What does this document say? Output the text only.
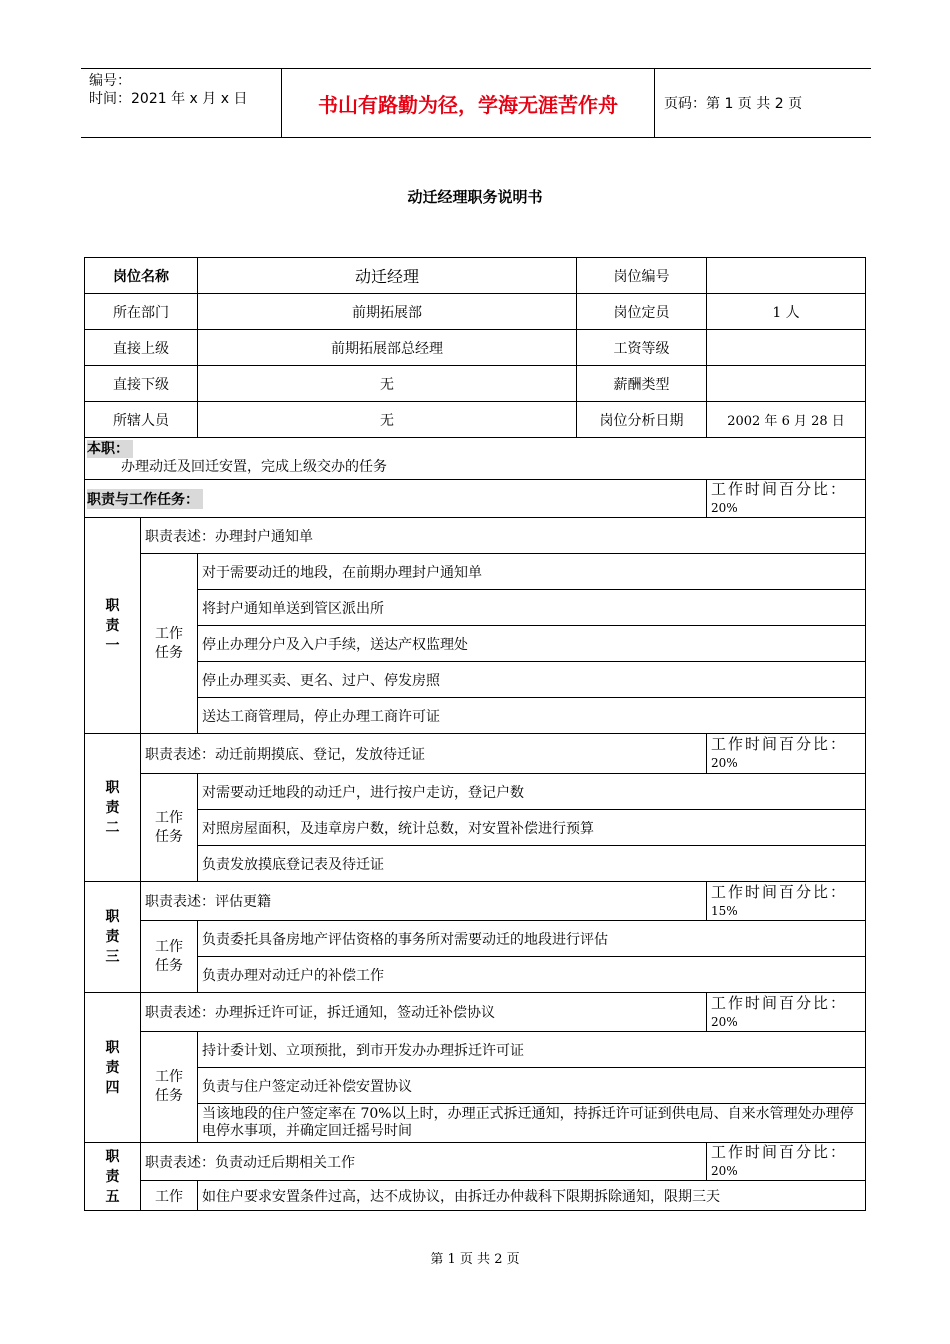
编号：
时间：2021 年 x 月 x 日	书山有路勤为径，学海无涯苦作舟	页码：第 1 页 共 2 页
动迁经理职务说明书
岗位名称		动迁经理	岗位编号	
所在部门		前期拓展部	岗位定员	1 人
直接上级		前期拓展部总经理	工资等级	
直接下级		无	薪酬类型	
所辖人员		无	岗位分析日期	2002 年 6 月 28 日
本职：
办理动迁及回迁安置，完成上级交办的任务				
职责与工作任务：				工作时间百分比：
20%
职责一	职责表述：办理封户通知单			
	工作任务	对于需要动迁的地段，在前期办理封户通知单		
		将封户通知单送到管区派出所		
		停止办理分户及入户手续，送达产权监理处		
		停止办理买卖、更名、过户、停发房照		
		送达工商管理局，停止办理工商许可证		
职责二	职责表述：动迁前期摸底、登记，发放待迁证			工作时间百分比：
20%
	工作任务	对需要动迁地段的动迁户，进行按户走访，登记户数		
		对照房屋面积，及违章房户数，统计总数，对安置补偿进行预算		
		负责发放摸底登记表及待迁证		
职责三	职责表述：评估更籍			工作时间百分比：
15%
	工作任务	负责委托具备房地产评估资格的事务所对需要动迁的地段进行评估		
		负责办理对动迁户的补偿工作		
职责四	职责表述：办理拆迁许可证，拆迁通知，签动迁补偿协议			工作时间百分比：
20%
	工作任务	持计委计划、立项预批，到市开发办办理拆迁许可证		
		负责与住户签定动迁补偿安置协议		
		当该地段的住户签定率在 70%以上时，办理正式拆迁通知，持拆迁许可证到供电局、自来水管理处办理停电停水事项，并确定回迁摇号时间		
职责五	职责表述：负责动迁后期相关工作			工作时间百分比：
20%
	工作	如住户要求安置条件过高，达不成协议，由拆迁办仲裁科下限期拆除通知，限期三天		
第 1 页 共 2 页
